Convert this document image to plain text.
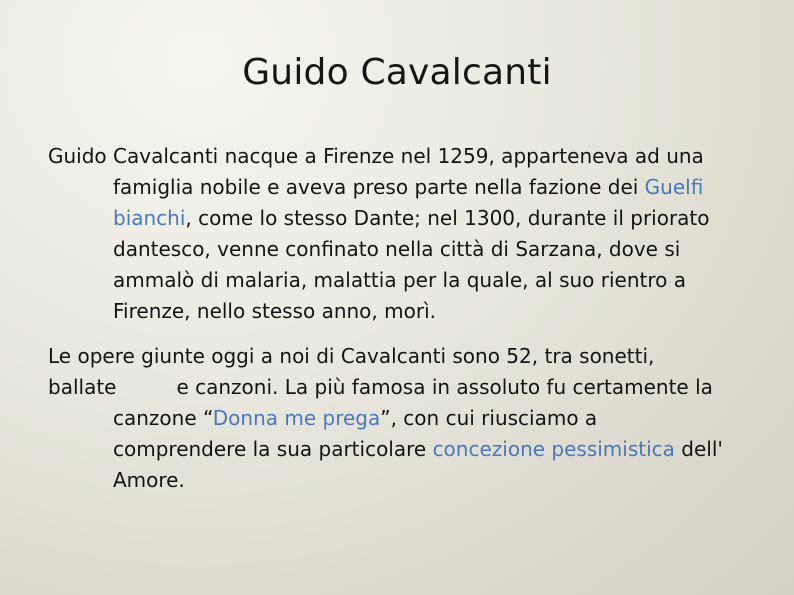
Guido Cavalcanti

Guido Cavalcanti nacque a Firenze nel 1259, apparteneva ad una
famiglia nobile e aveva preso parte nella fazione dei Guelfi
bianchi, come lo stesso Dante; nel 1300, durante il priorato
dantesco, venne confinato nella città di Sarzana, dove si
ammalò di malaria, malattia per la quale, al suo rientro a
Firenze, nello stesso anno, morì.

Le opere giunte oggi a noi di Cavalcanti sono 52, tra sonetti,
ballate	e canzoni. La più famosa in assoluto fu certamente la
canzone “Donna me prega”, con cui riusciamo a
comprendere la sua particolare concezione pessimistica dell'
Amore.
